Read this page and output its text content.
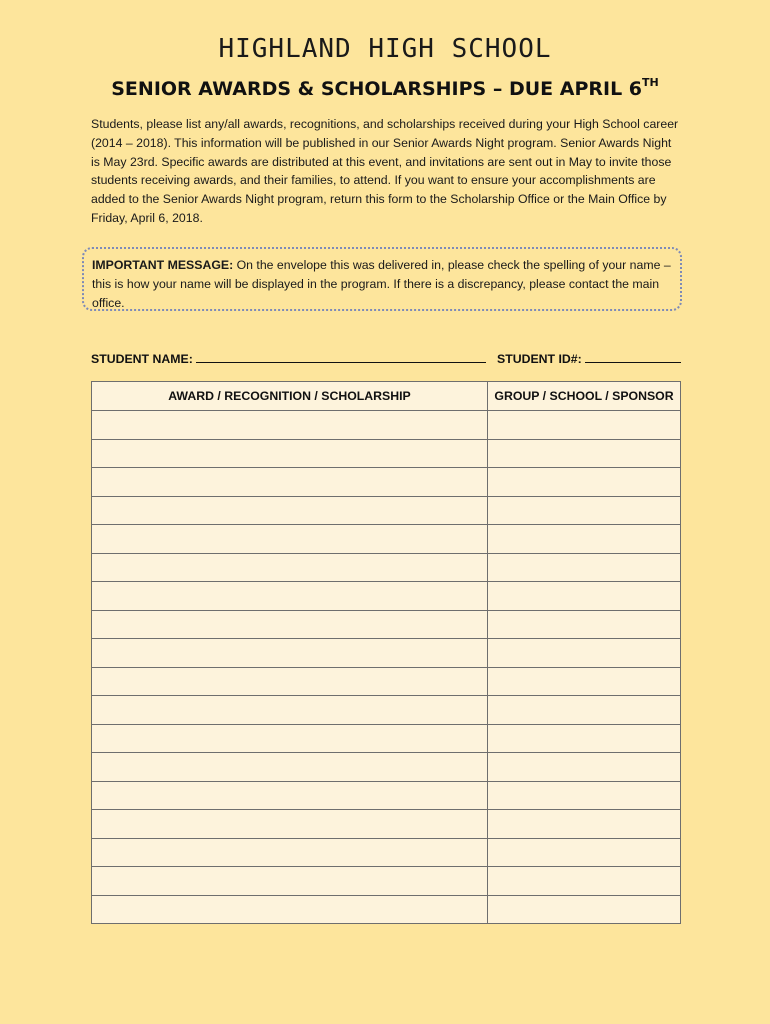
HIGHLAND HIGH SCHOOL
SENIOR AWARDS & SCHOLARSHIPS – DUE APRIL 6TH
Students, please list any/all awards, recognitions, and scholarships received during your High School career (2014 – 2018). This information will be published in our Senior Awards Night program. Senior Awards Night is May 23rd. Specific awards are distributed at this event, and invitations are sent out in May to invite those students receiving awards, and their families, to attend. If you want to ensure your accomplishments are added to the Senior Awards Night program, return this form to the Scholarship Office or the Main Office by Friday, April 6, 2018.
IMPORTANT MESSAGE: On the envelope this was delivered in, please check the spelling of your name – this is how your name will be displayed in the program. If there is a discrepancy, please contact the main office.
STUDENT NAME:	STUDENT ID#:
AWARD / RECOGNITION / SCHOLARSHIP	GROUP / SCHOOL / SPONSOR
